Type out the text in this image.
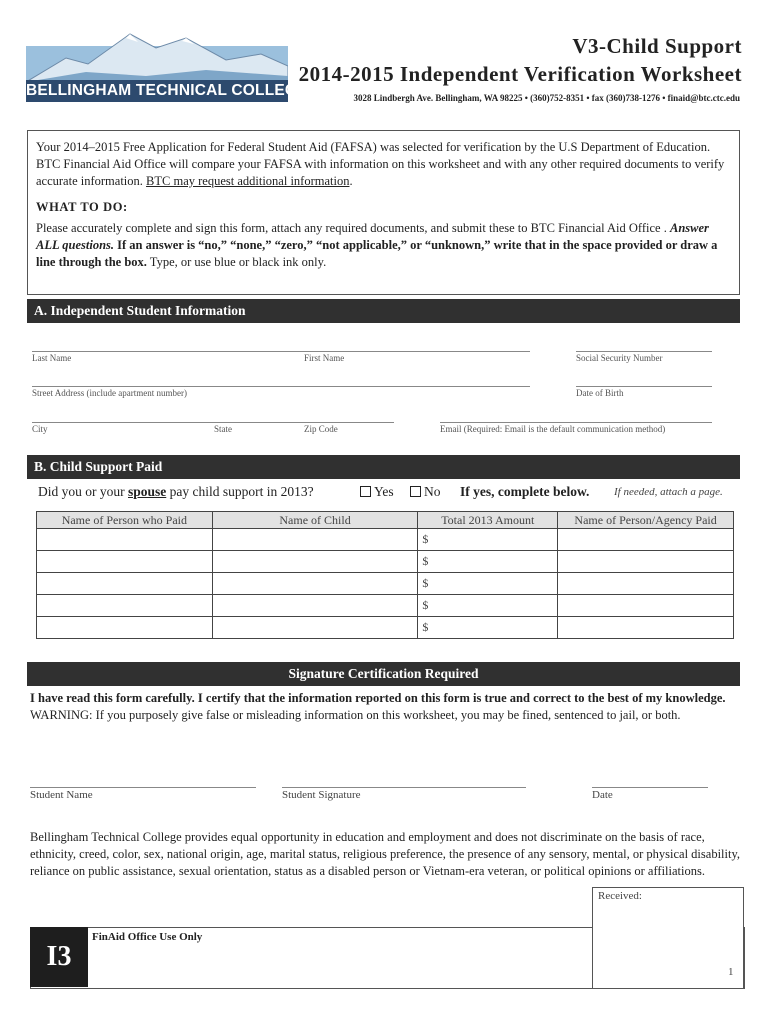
BELLINGHAM TECHNICAL COLLEGE
V3-Child Support
2014-2015 Independent Verification Worksheet
3028 Lindbergh Ave. Bellingham, WA 98225 • (360)752-8351 • fax (360)738-1276 • finaid@btc.ctc.edu

Your 2014–2015 Free Application for Federal Student Aid (FAFSA) was selected for verification by the U.S Department of Education. BTC Financial Aid Office will compare your FAFSA with information on this worksheet and with any other required documents to verify accurate information. BTC may request additional information.

WHAT TO DO:

Please accurately complete and sign this form, attach any required documents, and submit these to BTC Financial Aid Office . Answer ALL questions. If an answer is “no,” “none,” “zero,” “not applicable,” or “unknown,” write that in the space provided or draw a line through the box. Type, or use blue or black ink only.

A. Independent Student Information
Last Name	First Name	Social Security Number
Street Address (include apartment number)	Date of Birth
City	State	Zip Code	Email (Required: Email is the default communication method)
B. Child Support Paid
Did you or your spouse pay child support in 2013?	Yes	No If yes, complete below. If needed, attach a page.
Name of Person who Paid	Name of Child	Total 2013 Amount	Name of Person/Agency Paid
		$	
		$	
		$	
		$	
		$	
Signature Certification Required
I have read this form carefully. I certify that the information reported on this form is true and correct to the best of my knowledge. WARNING: If you purposely give false or misleading information on this worksheet, you may be fined, sentenced to jail, or both.
Student Name	Student Signature	Date
Bellingham Technical College provides equal opportunity in education and employment and does not discriminate on the basis of race, ethnicity, creed, color, sex, national origin, age, marital status, religious preference, the presence of any sensory, mental, or physical disability, reliance on public assistance, sexual orientation, status as a disabled person or Vietnam-era veteran, or political opinions or affiliations.
I3
FinAid Office Use Only
Received:
1
